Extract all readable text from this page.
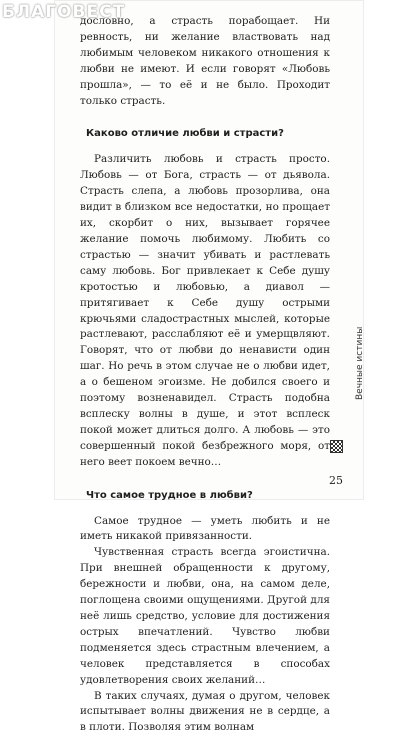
БЛАГОВЕСТ

дословно, а страсть порабощает. Ни ревность, ни желание властвовать над любимым человеком никакого отношения к любви не имеют. И если говорят «Любовь прошла», — то её и не было. Проходит только страсть.

Каково отличие любви и страсти?

Различить любовь и страсть просто. Любовь — от Бога, страсть — от дьявола. Страсть слепа, а любовь прозорлива, она видит в близком все недостатки, но прощает их, скорбит о них, вызывает горячее желание помочь любимому. Любить со страстью — значит убивать и растлевать саму любовь. Бог привлекает к Себе душу кротостью и любовью, а диавол — притягивает к Себе душу острыми крючьями сладострастных мыслей, которые растлевают, расслабляют её и умерщвляют. Говорят, что от любви до ненависти один шаг. Но речь в этом случае не о любви идет, а о бешеном эгоизме. Не добился своего и поэтому возненавидел. Страсть подобна всплеску волны в душе, и этот всплеск покой может длиться долго. А любовь — это совершенный покой безбрежного моря, от него веет покоем вечно…

Что самое трудное в любви?

Самое трудное — уметь любить и не иметь никакой привязанности.

Чувственная страсть всегда эгоистична. При внешней обращенности к другому, бережности и любви, она, на самом деле, поглощена своими ощущениями. Другой для неё лишь средство, условие для достижения острых впечатлений. Чувство любви подменяется здесь страстным влечением, а человек представляется в способах удовлетворения своих желаний…

В таких случаях, думая о другом, человек испытывает волны движения не в сердце, а в плоти. Позволяя этим волнам

Вечные истины
25
